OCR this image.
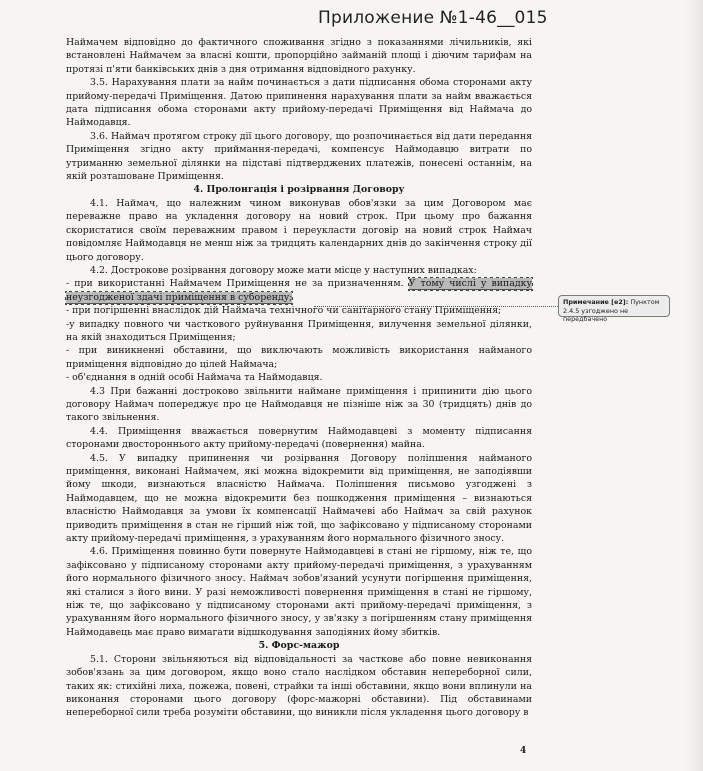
Приложение №1-46__015

Наймачем відповідно до фактичного споживання згідно з показаннями лічильників, які встановлені Наймачем за власні кошти, пропорційно займаній площі і діючим тарифам на протязі п'яти банківських днів з дня отримання відповідного рахунку.

3.5. Нарахування плати за найм починається з дати підписання обома сторонами акту прийому-передачі Приміщення. Датою припинення нарахування плати за найм вважається дата підписання обома сторонами акту прийому-передачі Приміщення від Наймача до Наймодавця.

3.6. Наймач протягом строку дії цього договору, що розпочинається від дати передання Приміщення згідно акту приймання-передачі, компенсує Наймодавцю витрати по утриманню земельної ділянки на підставі підтверджених платежів, понесені останнім, на якій розташоване Приміщення.

4. Пролонгація і розірвання Договору

4.1. Наймач, що належним чином виконував обов'язки за цим Договором має переважне право на укладення договору на новий строк. При цьому про бажання скористатися своїм переважним правом і переукласти договір на новий строк Наймач повідомляє Наймодавця не менш ніж за тридцять календарних днів до закінчення строку дії цього договору.

4.2. Дострокове розірвання договору може мати місце у наступних випадках:

- при використанні Наймачем Приміщення не за призначенням. У тому числі у випадку неузгодженої здачі приміщення в суборенду;

- при погіршенні внаслідок дій Наймача технічного чи санітарного стану Приміщення;

-у випадку повного чи часткового руйнування Приміщення, вилучення земельної ділянки, на якій знаходиться Приміщення;

- при виникненні обставини, що виключають можливість використання найманого приміщення відповідно до цілей Наймача;

- об'єднання в одній особі Наймача та Наймодавця.

4.3 При бажанні достроково звільнити наймане приміщення і припинити дію цього договору Наймач попереджує про це Наймодавця не пізніше ніж за 30 (тридцять) днів до такого звільнення.

4.4. Приміщення вважається повернутим Наймодавцеві з моменту підписання сторонами двостороннього акту прийому-передачі (повернення) майна.

4.5. У випадку припинення чи розірвання Договору поліпшення найманого приміщення, виконані Наймачем, які можна відокремити від приміщення, не заподіявши йому шкоди, визнаються власністю Наймача. Поліпшення письмово узгоджені з Наймодавцем, що не можна відокремити без пошкодження приміщення – визнаються власністю Наймодавця за умови їх компенсації Наймачеві або Наймач за свій рахунок приводить приміщення в стан не гірший ніж той, що зафіксовано у підписаному сторонами акту прийому-передачі приміщення, з урахуванням його нормального фізичного зносу.

4.6. Приміщення повинно бути повернуте Наймодавцеві в стані не гіршому, ніж те, що зафіксовано у підписаному сторонами акту прийому-передачі приміщення, з урахуванням його нормального фізичного зносу. Наймач зобов'язаний усунути погіршення приміщення, які сталися з його вини. У разі неможливості повернення приміщення в стані не гіршому, ніж те, що зафіксовано у підписаному сторонами акті прийому-передачі приміщення, з урахуванням його нормального фізичного зносу, у зв'язку з погіршенням стану приміщення Наймодавець має право вимагати відшкодування заподіяних йому збитків.

5. Форс-мажор

5.1. Сторони звільняються від відповідальності за часткове або повне невиконання зобов'язань за цим договором, якщо воно стало наслідком обставин непереборної сили, таких як: стихійні лиха, пожежа, повені, страйки та інші обставини, якщо вони вплинули на виконання сторонами цього договору (форс-мажорні обставини). Під обставинами непереборної сили треба розуміти обставини, що виникли після укладення цього договору в

Примечание [e2]: Пунктом 2.4.5 узгоджено не передбачено
4
